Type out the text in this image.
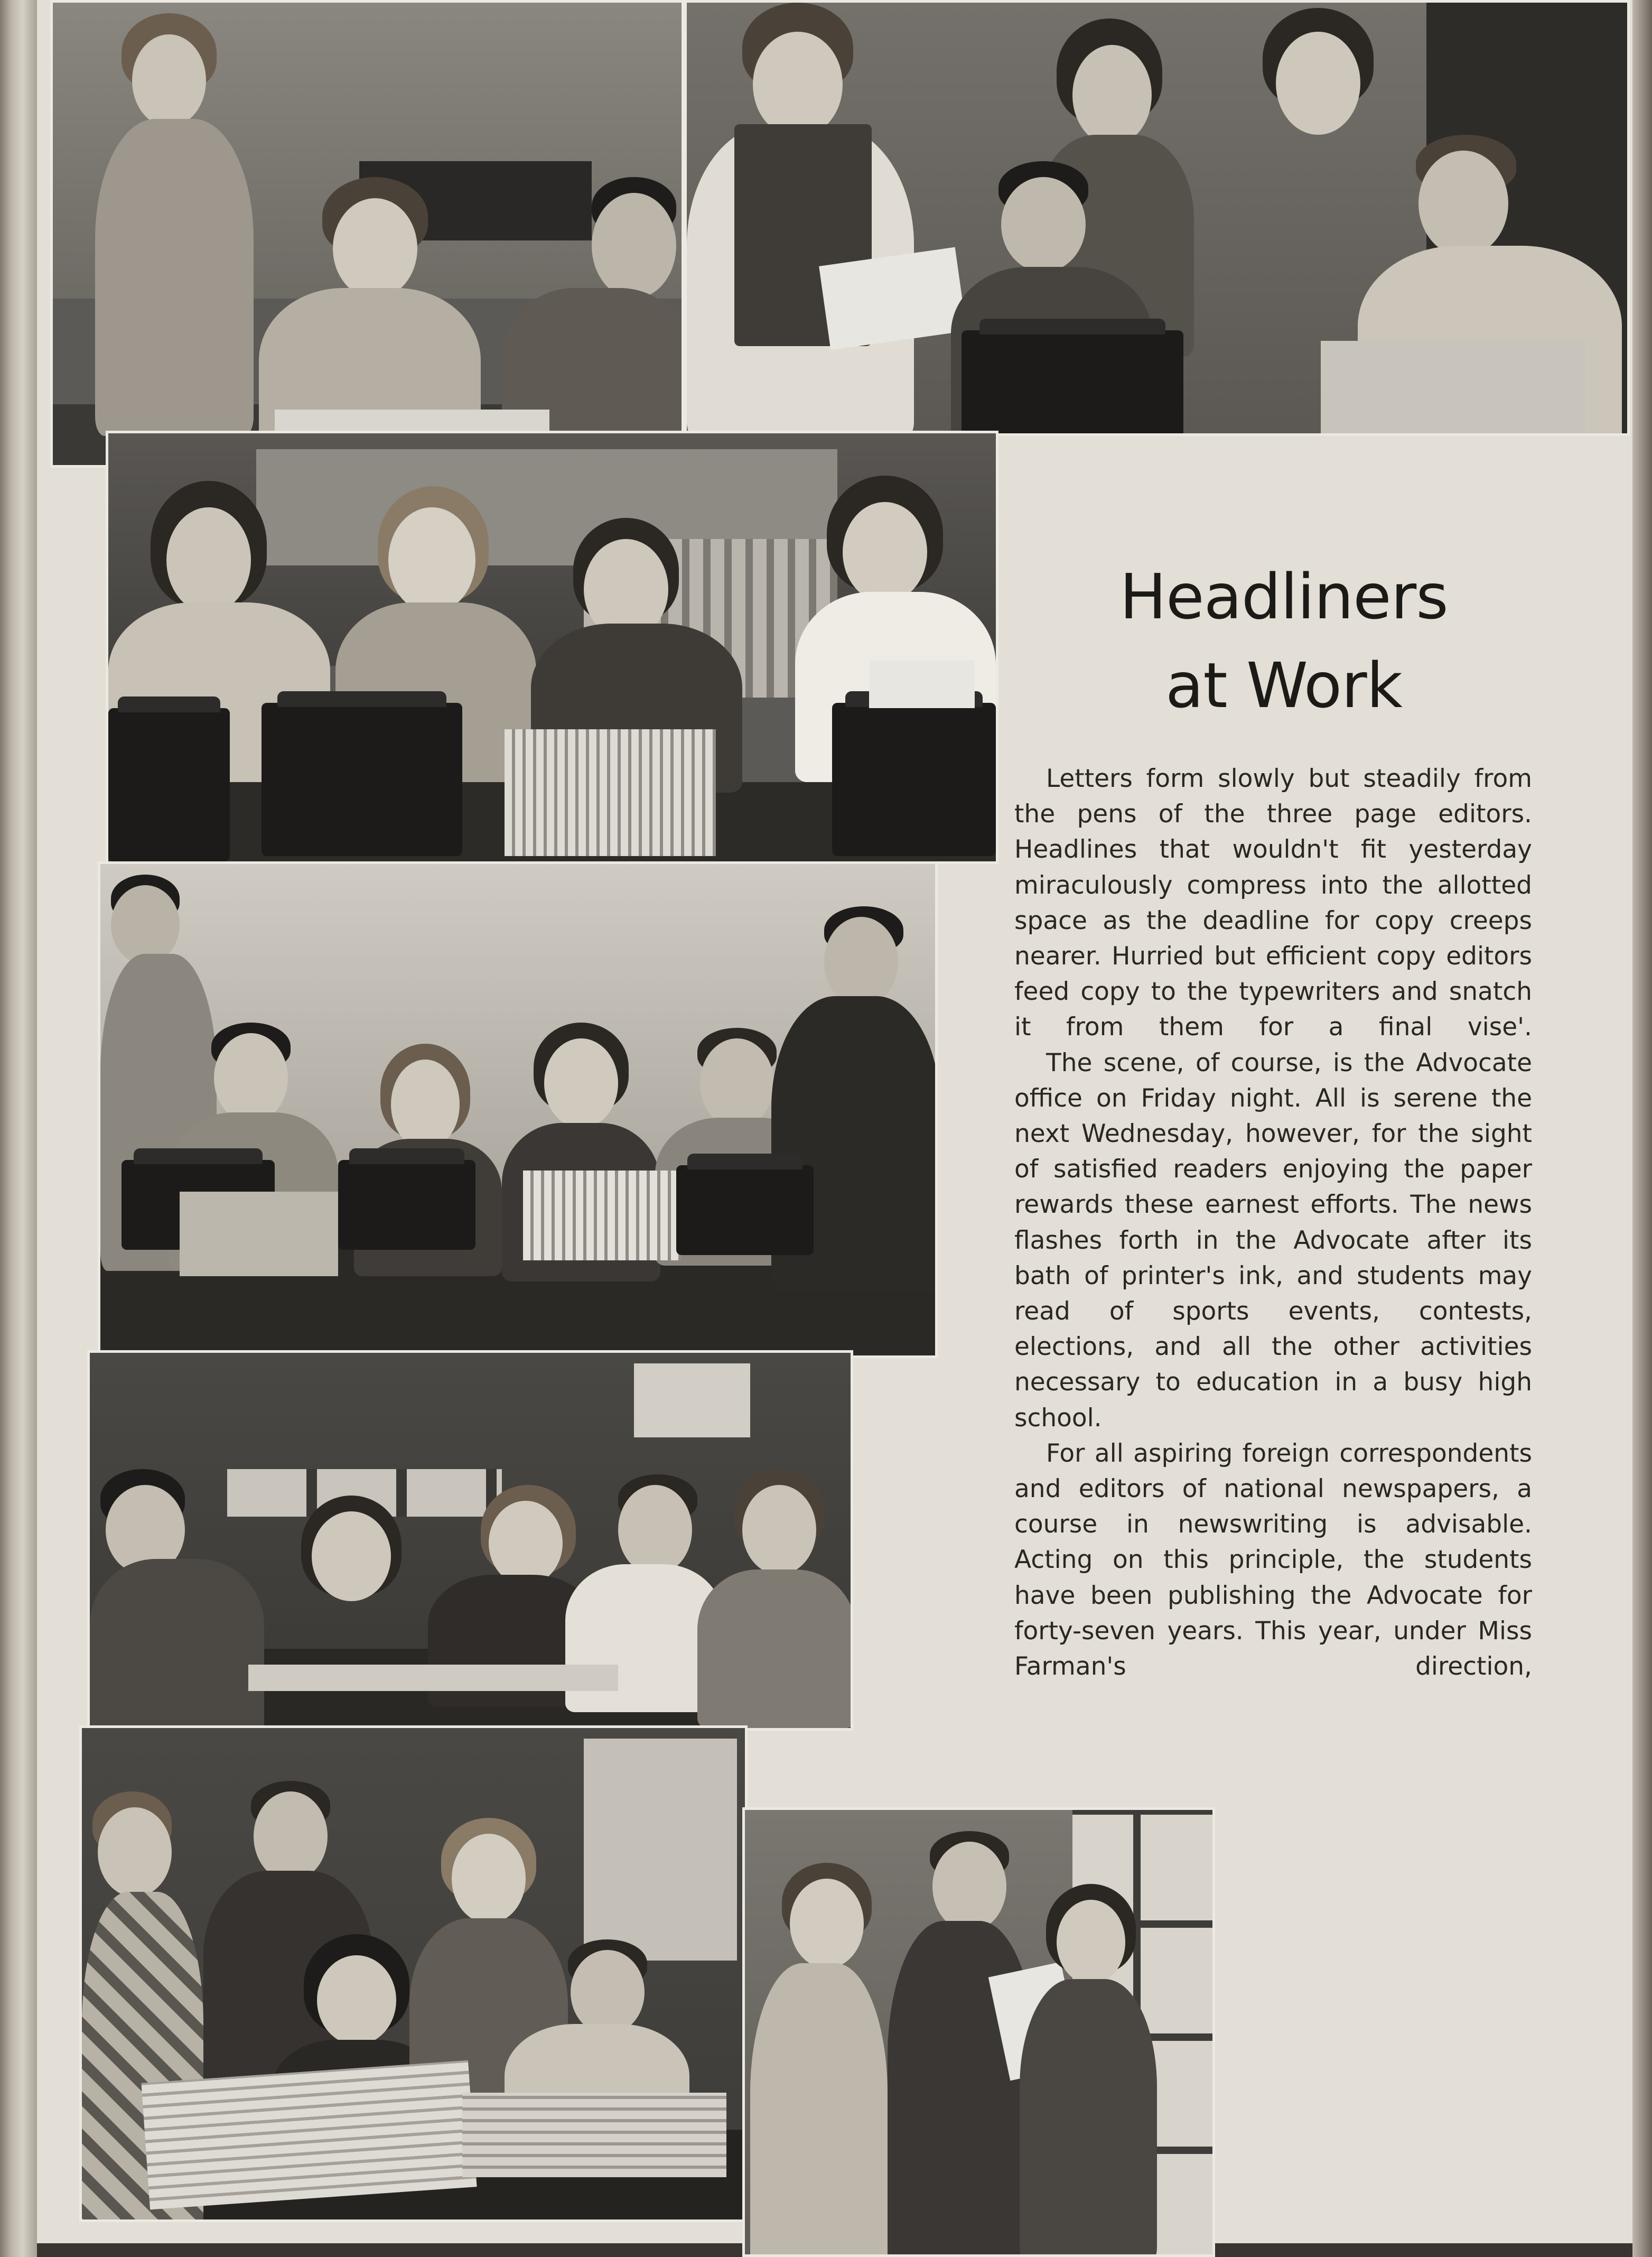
Headliners
at Work

Letters form slowly but steadily from the pens of the three page editors. Headlines that wouldn't fit yesterday miraculously compress into the allotted space as the deadline for copy creeps nearer. Hurried but efficient copy editors feed copy to the typewriters and snatch it from them for a final vise'.

The scene, of course, is the Advocate office on Friday night. All is serene the next Wednesday, however, for the sight of satisfied readers enjoying the paper rewards these earnest efforts. The news flashes forth in the Advocate after its bath of printer's ink, and students may read of sports events, contests, elections, and all the other activities necessary to education in a busy high school.

For all aspiring foreign correspondents and editors of national newspapers, a course in newswriting is advisable. Acting on this principle, the students have been publishing the Advocate for forty-seven years. This year, under Miss Farman's direction,
